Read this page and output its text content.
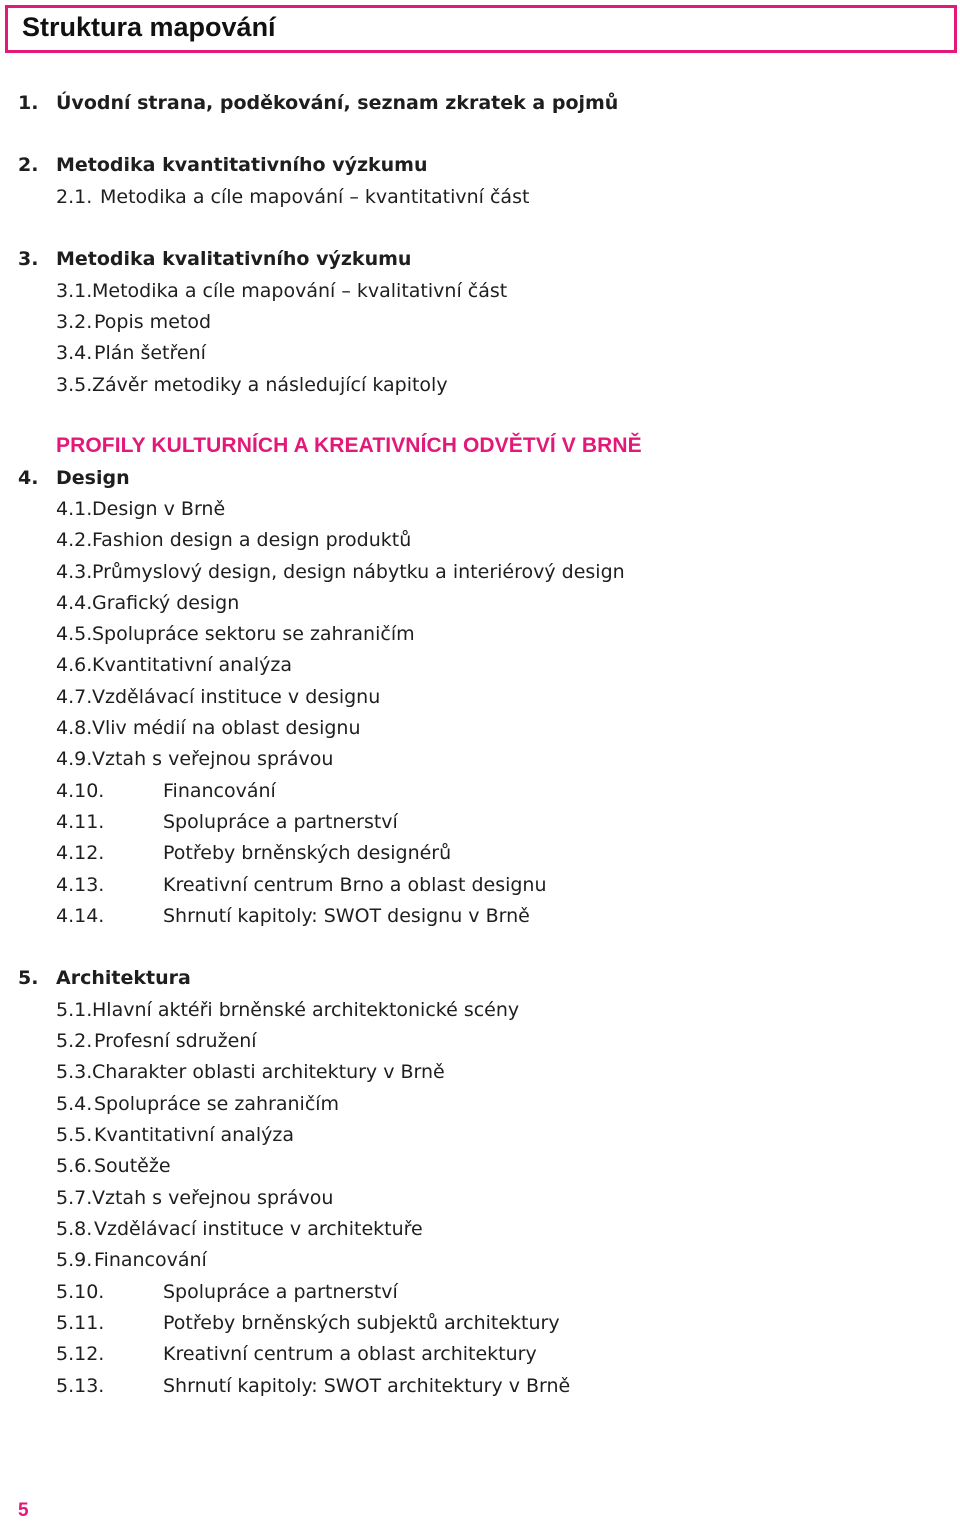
Struktura mapování
1. Úvodní strana, poděkování, seznam zkratek a pojmů
2. Metodika kvantitativního výzkumu
2.1. Metodika a cíle mapování – kvantitativní část
3. Metodika kvalitativního výzkumu
3.1. Metodika a cíle mapování – kvalitativní část
3.2. Popis metod
3.4. Plán šetření
3.5. Závěr metodiky a následující kapitoly
PROFILY KULTURNÍCH A KREATIVNÍCH ODVĚTVÍ V BRNĚ
4. Design
4.1. Design v Brně
4.2. Fashion design a design produktů
4.3. Průmyslový design, design nábytku a interiérový design
4.4. Grafický design
4.5. Spolupráce sektoru se zahraničím
4.6. Kvantitativní analýza
4.7. Vzdělávací instituce v designu
4.8. Vliv médií na oblast designu
4.9. Vztah s veřejnou správou
4.10.	Financování
4.11.	Spolupráce a partnerství
4.12.	Potřeby brněnských designérů
4.13.	Kreativní centrum Brno a oblast designu
4.14.	Shrnutí kapitoly: SWOT designu v Brně
5. Architektura
5.1. Hlavní aktéři brněnské architektonické scény
5.2. Profesní sdružení
5.3. Charakter oblasti architektury v Brně
5.4. Spolupráce se zahraničím
5.5. Kvantitativní analýza
5.6. Soutěže
5.7. Vztah s veřejnou správou
5.8. Vzdělávací instituce v architektuře
5.9. Financování
5.10.	Spolupráce a partnerství
5.11.	Potřeby brněnských subjektů architektury
5.12.	Kreativní centrum a oblast architektury
5.13.	Shrnutí kapitoly: SWOT architektury v Brně
5
